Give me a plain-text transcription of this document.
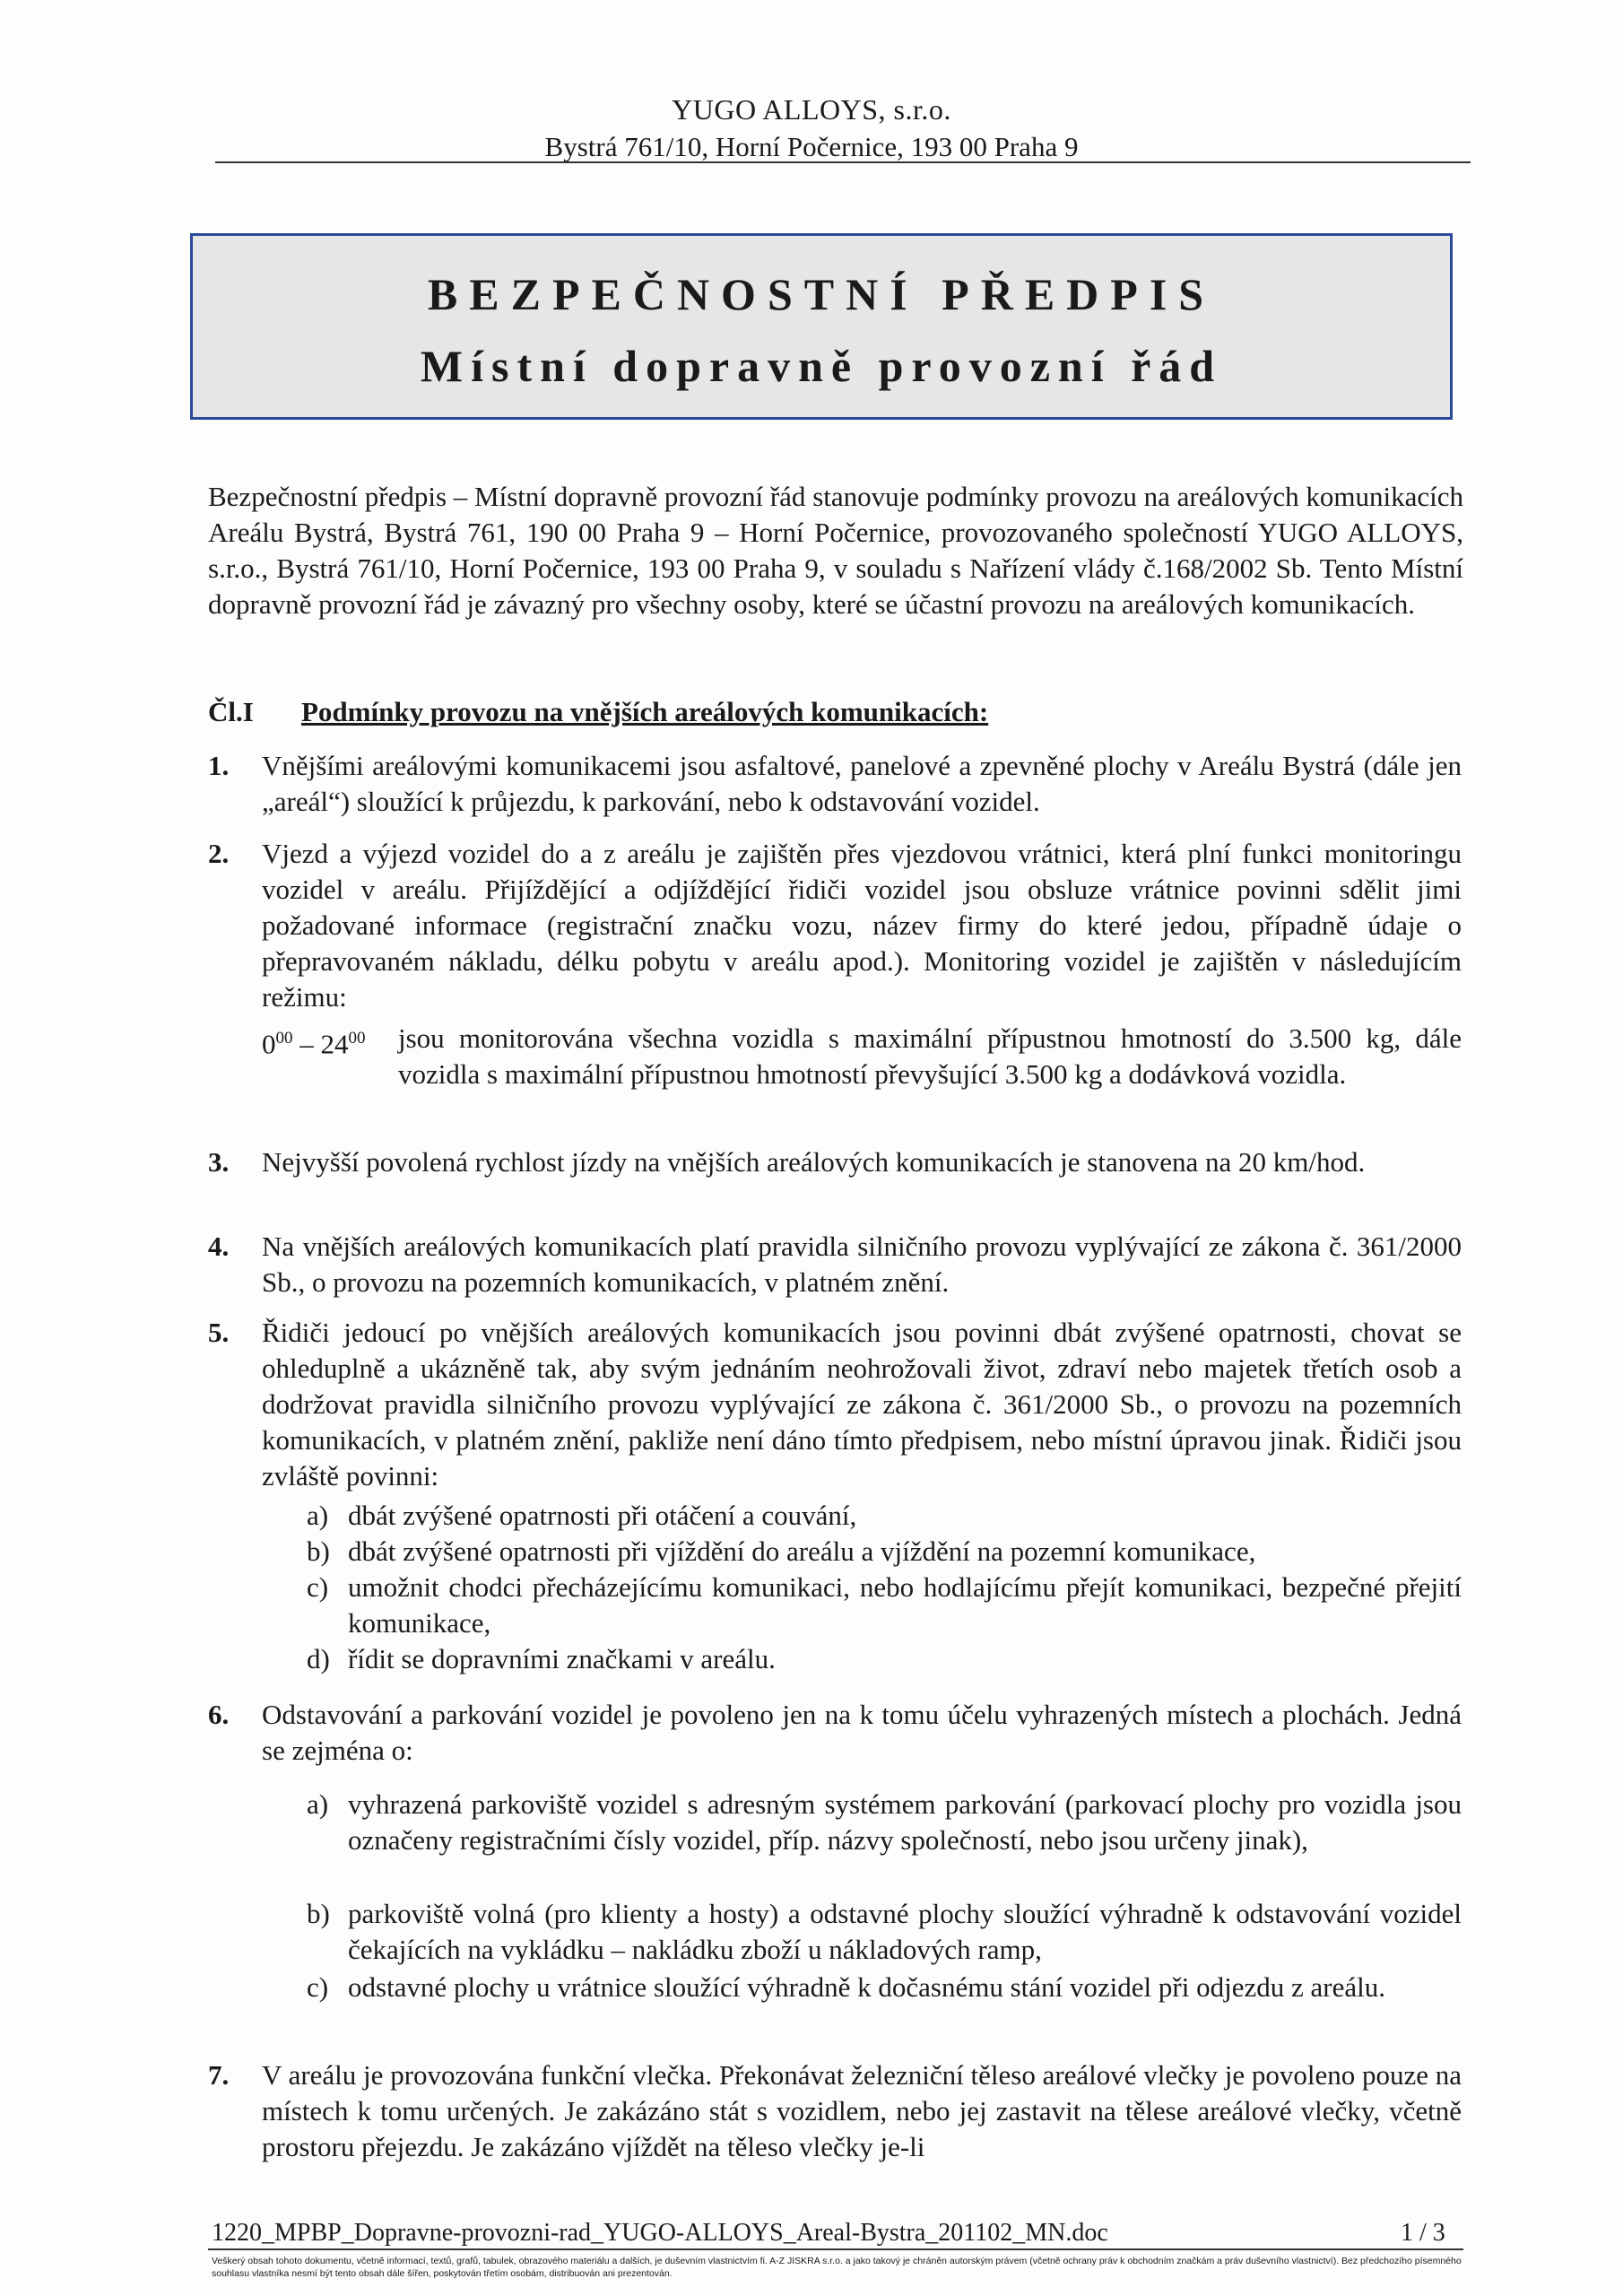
YUGO ALLOYS, s.r.o.
Bystrá 761/10, Horní Počernice, 193 00 Praha 9
BEZPEČNOSTNÍ PŘEDPIS
Místní dopravně provozní řád

Bezpečnostní předpis – Místní dopravně provozní řád stanovuje podmínky provozu na areálových komunikacích Areálu Bystrá, Bystrá 761, 190 00 Praha 9 – Horní Počernice, provozovaného společností YUGO ALLOYS, s.r.o., Bystrá 761/10, Horní Počernice, 193 00 Praha 9, v souladu s Nařízení vlády č.168/2002 Sb. Tento Místní dopravně provozní řád je závazný pro všechny osoby, které se účastní provozu na areálových komunikacích.

Čl.I Podmínky provozu na vnějších areálových komunikacích:
1. Vnějšími areálovými komunikacemi jsou asfaltové, panelové a zpevněné plochy v Areálu Bystrá (dále jen „areál“) sloužící k průjezdu, k parkování, nebo k odstavování vozidel.

2. Vjezd a výjezd vozidel do a z areálu je zajištěn přes vjezdovou vrátnici, která plní funkci monitoringu vozidel v areálu. Přijíždějící a odjíždějící řidiči vozidel jsou obsluze vrátnice povinni sdělit jimi požadované informace (registrační značku vozu, název firmy do které jedou, případně údaje o přepravovaném nákladu, délku pobytu v areálu apod.). Monitoring vozidel je zajištěn v následujícím režimu:

$0^{00} - 24^{00}$ jsou monitorována všechna vozidla s maximální přípustnou hmotností do 3.500 kg, dále vozidla s maximální přípustnou hmotností převyšující 3.500 kg a dodávková vozidla.

3. Nejvyšší povolená rychlost jízdy na vnějších areálových komunikacích je stanovena na 20 km/hod.

4. Na vnějších areálových komunikacích platí pravidla silničního provozu vyplývající ze zákona č. 361/2000 Sb., o provozu na pozemních komunikacích, v platném znění.

5. Řidiči jedoucí po vnějších areálových komunikacích jsou povinni dbát zvýšené opatrnosti, chovat se ohleduplně a ukázněně tak, aby svým jednáním neohrožovali život, zdraví nebo majetek třetích osob a dodržovat pravidla silničního provozu vyplývající ze zákona č. 361/2000 Sb., o provozu na pozemních komunikacích, v platném znění, pakliže není dáno tímto předpisem, nebo místní úpravou jinak. Řidiči jsou zvláště povinni:

a) dbát zvýšené opatrnosti při otáčení a couvání,

b) dbát zvýšené opatrnosti při vjíždění do areálu a vjíždění na pozemní komunikace,

c) umožnit chodci přecházejícímu komunikaci, nebo hodlajícímu přejít komunikaci, bezpečné přejití komunikace,

d) řídit se dopravními značkami v areálu.

6. Odstavování a parkování vozidel je povoleno jen na k tomu účelu vyhrazených místech a plochách. Jedná se zejména o:

a) vyhrazená parkoviště vozidel s adresným systémem parkování (parkovací plochy pro vozidla jsou označeny registračními čísly vozidel, příp. názvy společností, nebo jsou určeny jinak),

b) parkoviště volná (pro klienty a hosty) a odstavné plochy sloužící výhradně k odstavování vozidel čekajících na vykládku – nakládku zboží u nákladových ramp,

c) odstavné plochy u vrátnice sloužící výhradně k dočasnému stání vozidel při odjezdu z areálu.

7. V areálu je provozována funkční vlečka. Překonávat železniční těleso areálové vlečky je povoleno pouze na místech k tomu určených. Je zakázáno stát s vozidlem, nebo jej zastavit na tělese areálové vlečky, včetně prostoru přejezdu. Je zakázáno vjíždět na těleso vlečky je-li

1220_MPBP_Dopravne-provozni-rad_YUGO-ALLOYS_Areal-Bystra_201102_MN.doc	1 / 3
Veškerý obsah tohoto dokumentu, včetně informací, textů, grafů, tabulek, obrazového materiálu a dalších, je duševním vlastnictvím fi. A-Z JISKRA s.r.o. a jako takový je chráněn autorským právem (včetně ochrany práv k obchodním značkám a práv duševního vlastnictví). Bez předchozího písemného souhlasu vlastníka nesmí být tento obsah dále šířen, poskytován třetím osobám, distribuován ani prezentován.
